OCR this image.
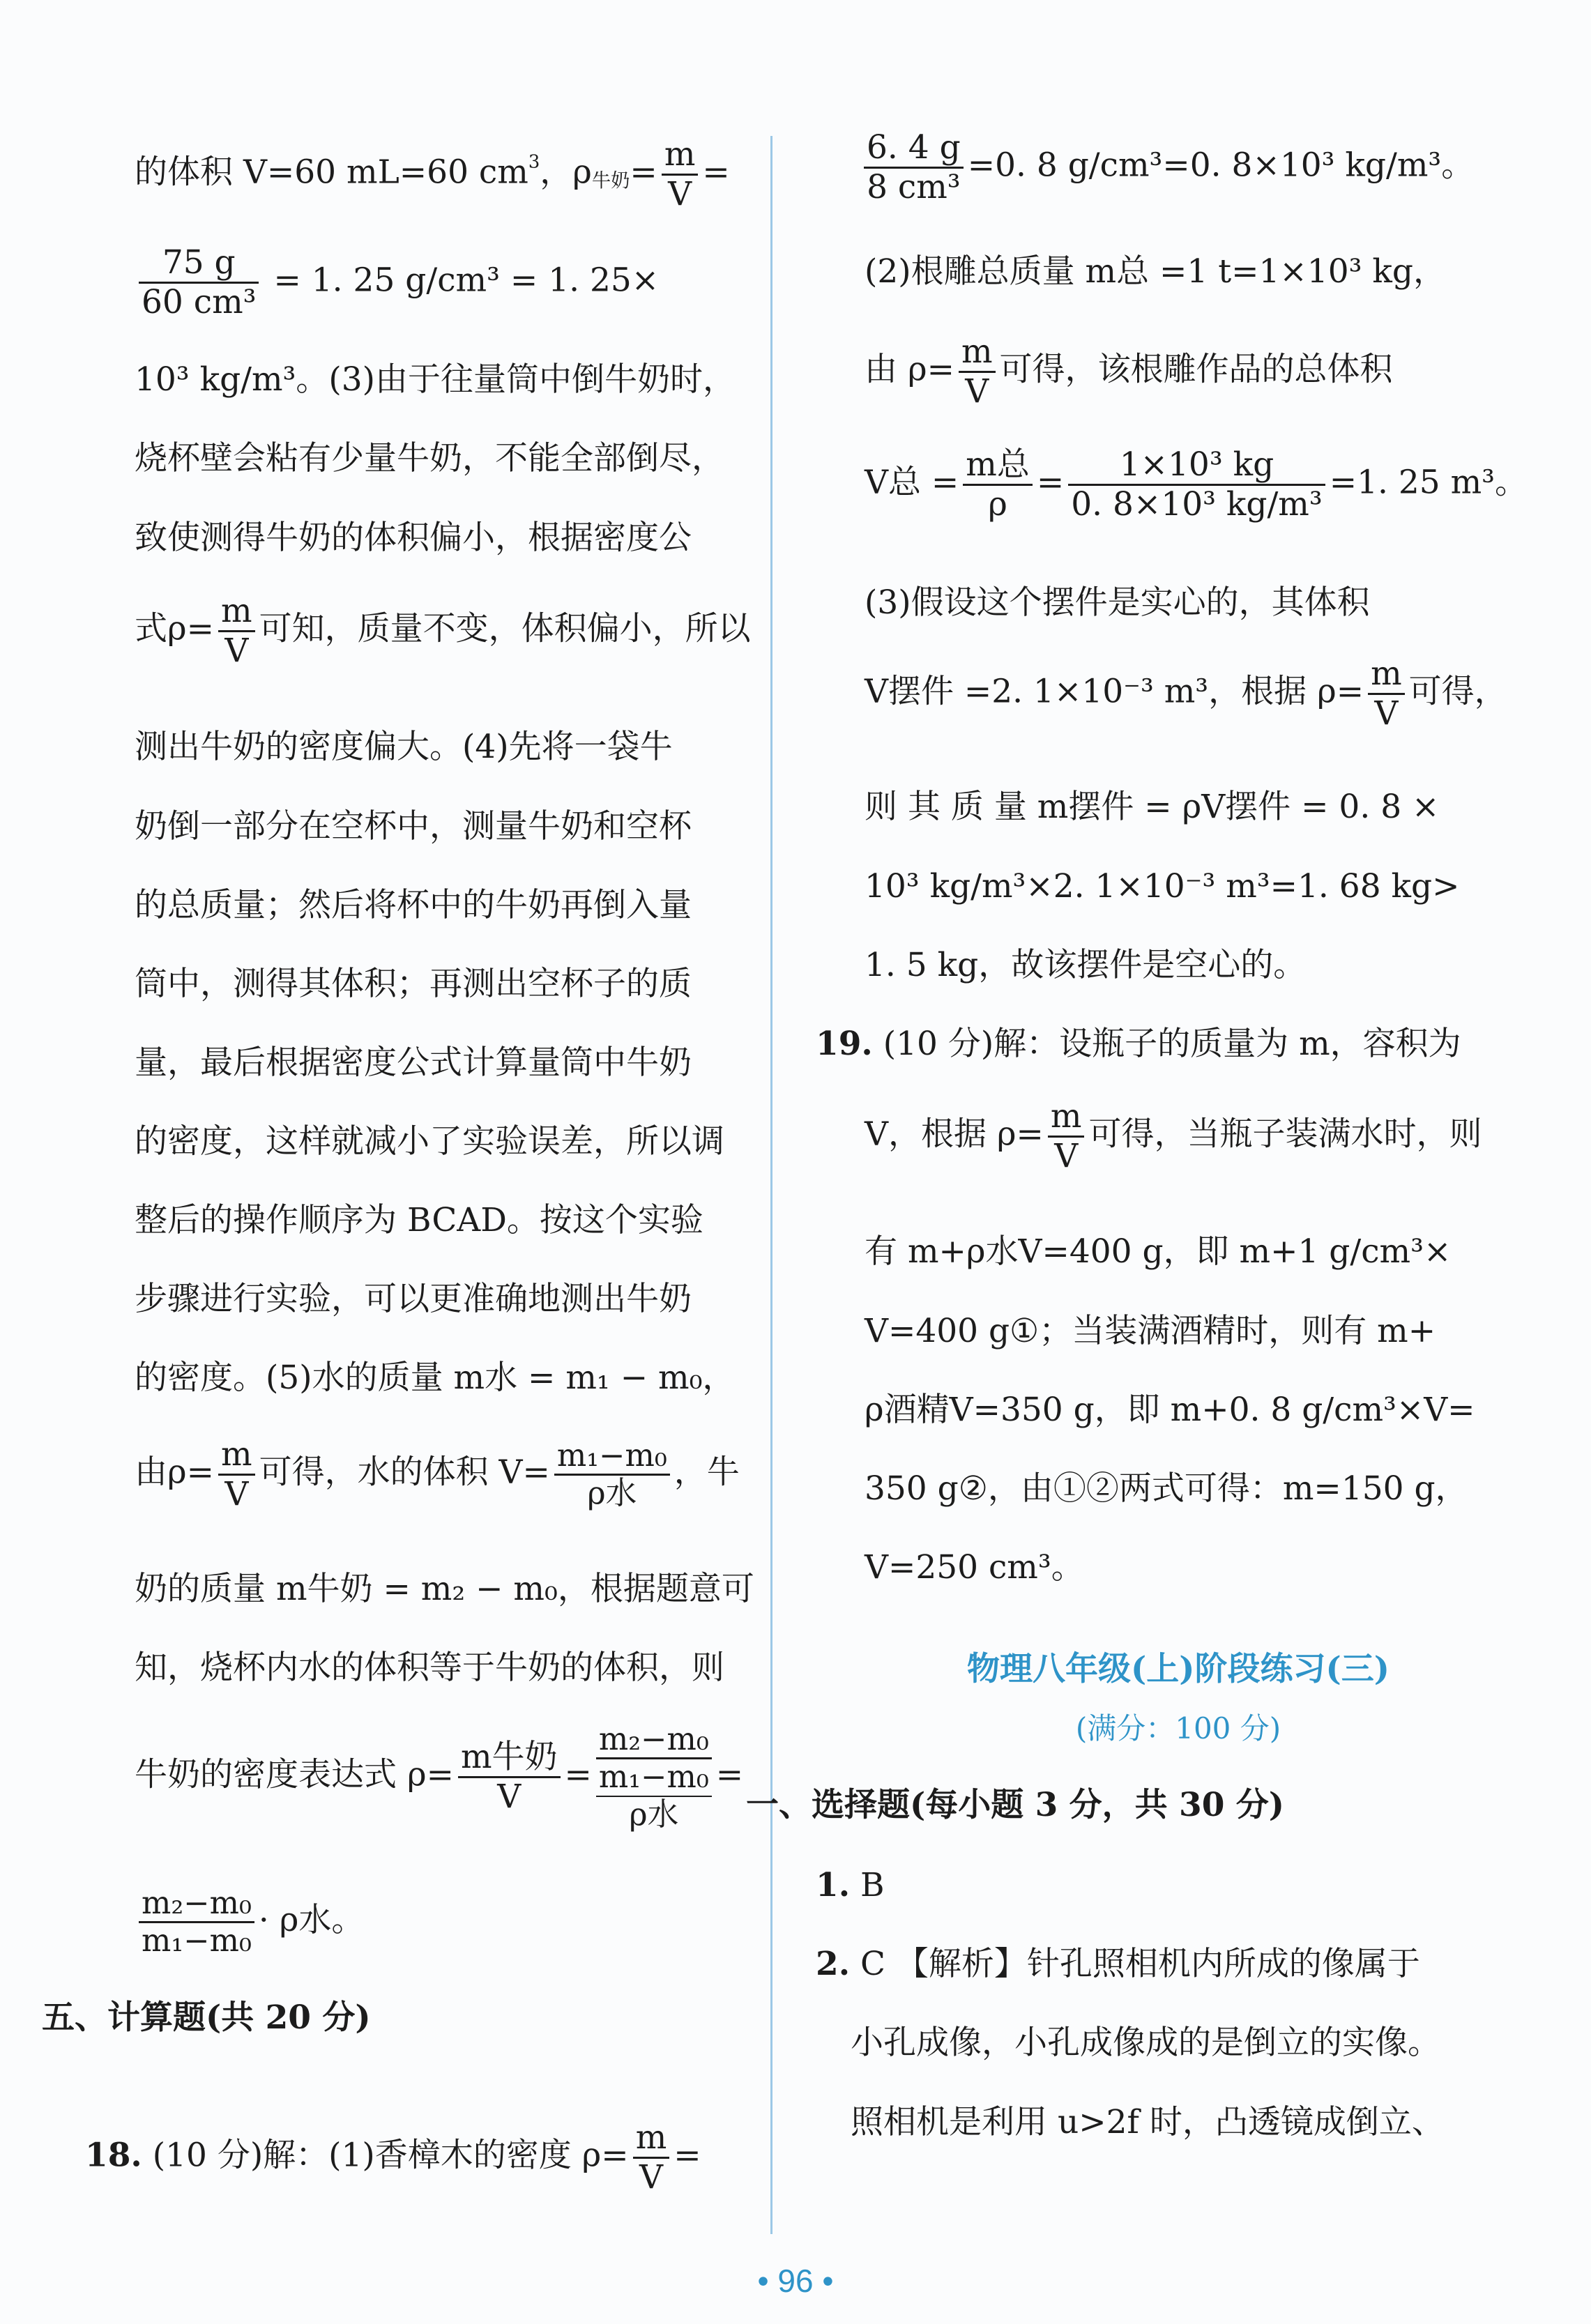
的体积 V=60 mL=60 $cm^3$，$\rho_{牛奶}= \frac{m}{V}$ =
$\frac{75 g}{\text{60 cm³}} = 1$. 25 g/cm³ = 1. 25×
10³ kg/m³。(3)由于往量筒中倒牛奶时，
烧杯壁会粘有少量牛奶，不能全部倒尽，
致使测得牛奶的体积偏小，根据密度公
式$\rho= \frac{m}{V}$ 可知，质量不变，体积偏小，所以
测出牛奶的密度偏大。(4)先将一袋牛
奶倒一部分在空杯中，测量牛奶和空杯
的总质量；然后将杯中的牛奶再倒入量
筒中，测得其体积；再测出空杯子的质
量，最后根据密度公式计算量筒中牛奶
的密度，这样就减小了实验误差，所以调
整后的操作顺序为 BCAD。按这个实验
步骤进行实验，可以更准确地测出牛奶
的密度。(5)水的质量 m水 = m₁ − m₀，
由$\rho= \frac{m}{V}$ 可得，水的体积 $V= \frac{\text{m₁−m₀}}{\text{ρ水}}$ ，牛
奶的质量 m牛奶 = m₂ − m₀，根据题意可
知，烧杯内水的体积等于牛奶的体积，则
牛奶的密度表达式 $\rho= \frac{\text{m牛奶}}{V}$ =
m₂−m₀
m₁−m₀
ρ水
=
$\frac{\text{m₂−m₀}}{\text{m₁−m₀}} \cdot \rho$水。
五、计算题(共 20 分)
18. (10 分)解：(1)香樟木的密度 $\rho= \frac{m}{V}$ =
$\frac{6. 4 g}{\text{8 cm³}} =0$. 8 g/cm³=0. 8×10³ kg/m³。
(2)根雕总质量 m总 =1 t=1×10³ kg，
由 $\rho= \frac{m}{V}$ 可得，该根雕作品的总体积
V总 = $\frac{\text{m总}}{\rho} = \frac{\text{1×10³ kg}}{\text{0. 8×10³ kg/m³}} =1$. 25 m³。
(3)假设这个摆件是实心的，其体积
V摆件 =2. 1×10⁻³ m³，根据 $\rho= \frac{m}{V}$ 可得，
则 其 质 量 m摆件 = ρV摆件 = 0. 8 ×
10³ kg/m³×2. 1×10⁻³ m³=1. 68 kg>
1. 5 kg，故该摆件是空心的。
19. (10 分)解：设瓶子的质量为 m，容积为
V，根据 $\rho= \frac{m}{V}$ 可得，当瓶子装满水时，则
有 m+ρ水V=400 g，即 m+1 g/cm³×
V=400 g①；当装满酒精时，则有 m+
ρ酒精V=350 g，即 m+0. 8 g/cm³×V=
350 g②，由①②两式可得：m=150 g，
V=250 cm³。
物理八年级(上)阶段练习(三)
(满分：100 分)
一、选择题(每小题 3 分，共 30 分)
1. B
2. C 【解析】针孔照相机内所成的像属于
小孔成像，小孔成像成的是倒立的实像。
照相机是利用 u>2f 时，凸透镜成倒立、
• 96 •
